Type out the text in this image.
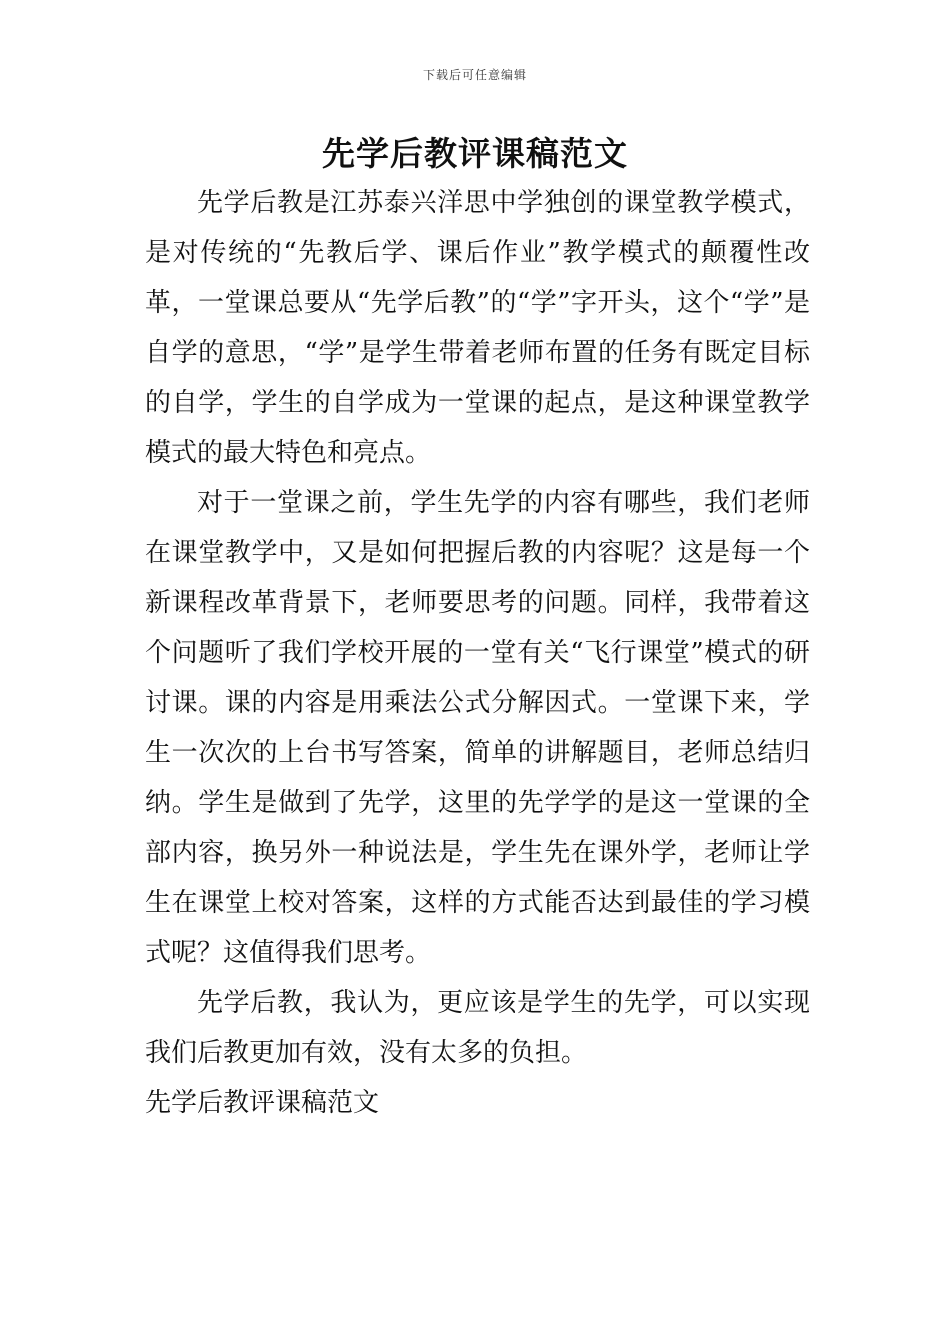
下载后可任意编辑
先学后教评课稿范文

先学后教是江苏泰兴洋思中学独创的课堂教学模式，是对传统的“先教后学、课后作业”教学模式的颠覆性改革，一堂课总要从“先学后教”的“学”字开头，这个“学”是自学的意思，“学”是学生带着老师布置的任务有既定目标的自学，学生的自学成为一堂课的起点，是这种课堂教学模式的最大特色和亮点。

对于一堂课之前，学生先学的内容有哪些，我们老师在课堂教学中，又是如何把握后教的内容呢？这是每一个新课程改革背景下，老师要思考的问题。同样，我带着这个问题听了我们学校开展的一堂有关“飞行课堂”模式的研讨课。课的内容是用乘法公式分解因式。一堂课下来，学生一次次的上台书写答案，简单的讲解题目，老师总结归纳。学生是做到了先学，这里的先学学的是这一堂课的全部内容，换另外一种说法是，学生先在课外学，老师让学生在课堂上校对答案，这样的方式能否达到最佳的学习模式呢？这值得我们思考。

先学后教，我认为，更应该是学生的先学，可以实现我们后教更加有效，没有太多的负担。

先学后教评课稿范文
